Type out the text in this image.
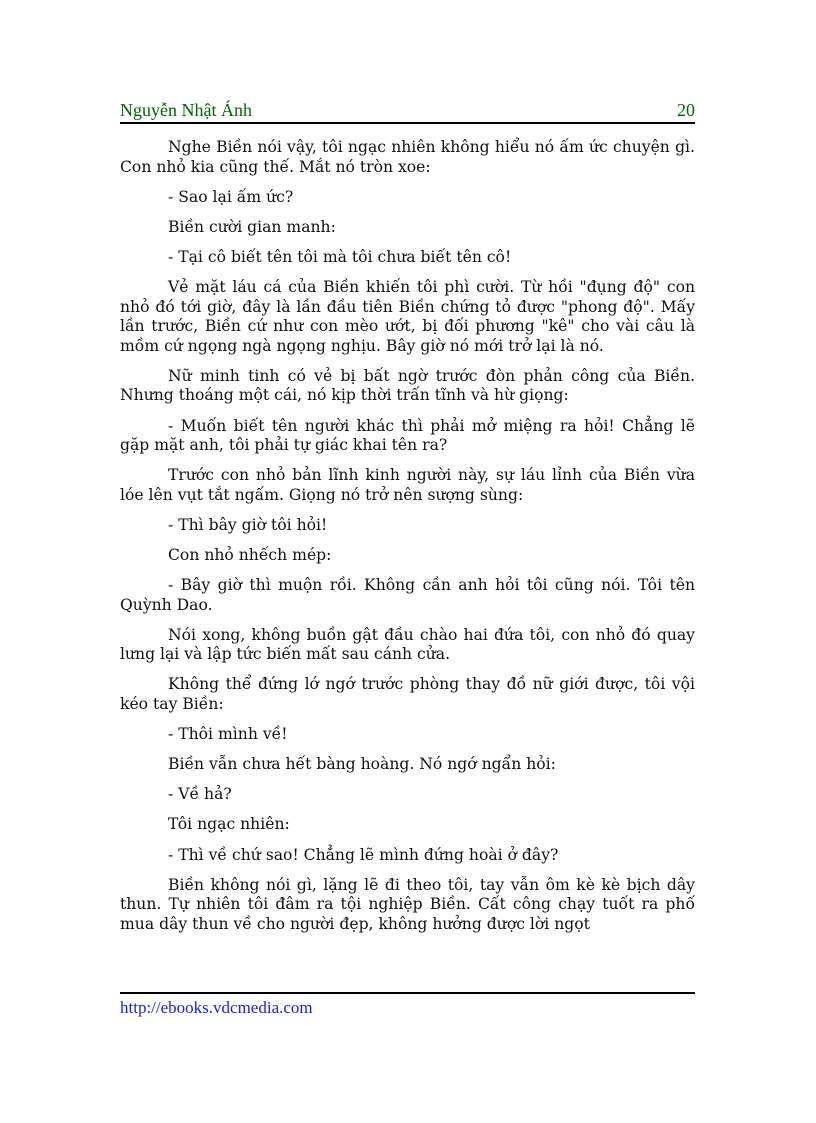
Nguyễn Nhật Ánh	20

Nghe Biền nói vậy, tôi ngạc nhiên không hiểu nó ấm ức chuyện gì. Con nhỏ kia cũng thế. Mắt nó tròn xoe:

- Sao lại ấm ức?

Biền cười gian manh:

- Tại cô biết tên tôi mà tôi chưa biết tên cô!

Vẻ mặt láu cá của Biền khiến tôi phì cười. Từ hồi "đụng độ" con nhỏ đó tới giờ, đây là lần đầu tiên Biền chứng tỏ được "phong độ". Mấy lần trước, Biền cứ như con mèo ướt, bị đối phương "kê" cho vài câu là mồm cứ ngọng ngà ngọng nghịu. Bây giờ nó mới trở lại là nó.

Nữ minh tinh có vẻ bị bất ngờ trước đòn phản công của Biền. Nhưng thoáng một cái, nó kịp thời trấn tĩnh và hừ giọng:

- Muốn biết tên người khác thì phải mở miệng ra hỏi! Chẳng lẽ gặp mặt anh, tôi phải tự giác khai tên ra?

Trước con nhỏ bản lĩnh kinh người này, sự láu lỉnh của Biền vừa lóe lên vụt tắt ngấm. Giọng nó trở nên sượng sùng:

- Thì bây giờ tôi hỏi!

Con nhỏ nhếch mép:

- Bây giờ thì muộn rồi. Không cần anh hỏi tôi cũng nói. Tôi tên Quỳnh Dao.

Nói xong, không buồn gật đầu chào hai đứa tôi, con nhỏ đó quay lưng lại và lập tức biến mất sau cánh cửa.

Không thể đứng lớ ngớ trước phòng thay đồ nữ giới được, tôi vội kéo tay Biền:

- Thôi mình về!

Biền vẫn chưa hết bàng hoàng. Nó ngớ ngẩn hỏi:

- Về hả?

Tôi ngạc nhiên:

- Thì về chứ sao! Chẳng lẽ mình đứng hoài ở đây?

Biền không nói gì, lặng lẽ đi theo tôi, tay vẫn ôm kè kè bịch dây thun. Tự nhiên tôi đâm ra tội nghiệp Biền. Cất công chạy tuốt ra phố mua dây thun về cho người đẹp, không hưởng được lời ngọt

http://ebooks.vdcmedia.com
